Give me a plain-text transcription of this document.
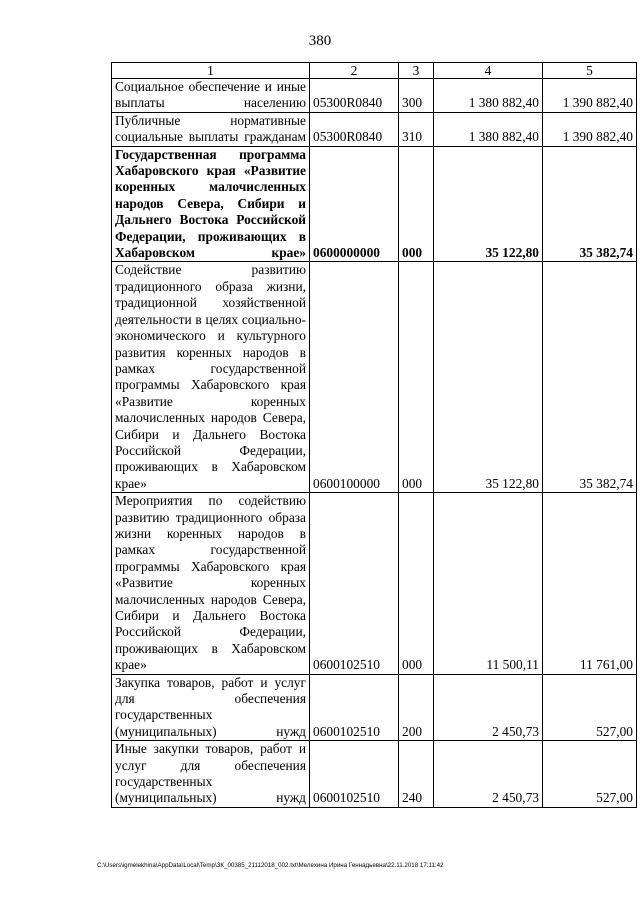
380
1	2	3	4	5
Социальное обеспечение и иные выплаты населению	05300R0840	300	1 380 882,40	1 390 882,40
Публичные нормативные социальные выплаты гражданам	05300R0840	310	1 380 882,40	1 390 882,40
Государственная программа Хабаровского края «Развитие коренных малочисленных народов Севера, Сибири и Дальнего Востока Российской Федерации, проживающих в Хабаровском крае»	0600000000	000	35 122,80	35 382,74
Содействие развитию традиционного образа жизни, традиционной хозяйственной деятельности в целях социально-экономического и культурного развития коренных народов в рамках государственной программы Хабаровского края «Развитие коренных малочисленных народов Севера, Сибири и Дальнего Востока Российской Федерации, проживающих в Хабаровском крае»	0600100000	000	35 122,80	35 382,74
Мероприятия по содействию развитию традиционного образа жизни коренных народов в рамках государственной программы Хабаровского края «Развитие коренных малочисленных народов Севера, Сибири и Дальнего Востока Российской Федерации, проживающих в Хабаровском крае»	0600102510	000	11 500,11	11 761,00
Закупка товаров, работ и услуг для обеспечения государственных (муниципальных) нужд	0600102510	200	2 450,73	527,00
Иные закупки товаров, работ и услуг для обеспечения государственных (муниципальных) нужд	0600102510	240	2 450,73	527,00
C:\Users\igmelekhina\AppData\Local\Temp\ЗК_00385_21112018_002.txt\Мелехина Ирина Геннадьевна\22.11.2018 17:11:42
